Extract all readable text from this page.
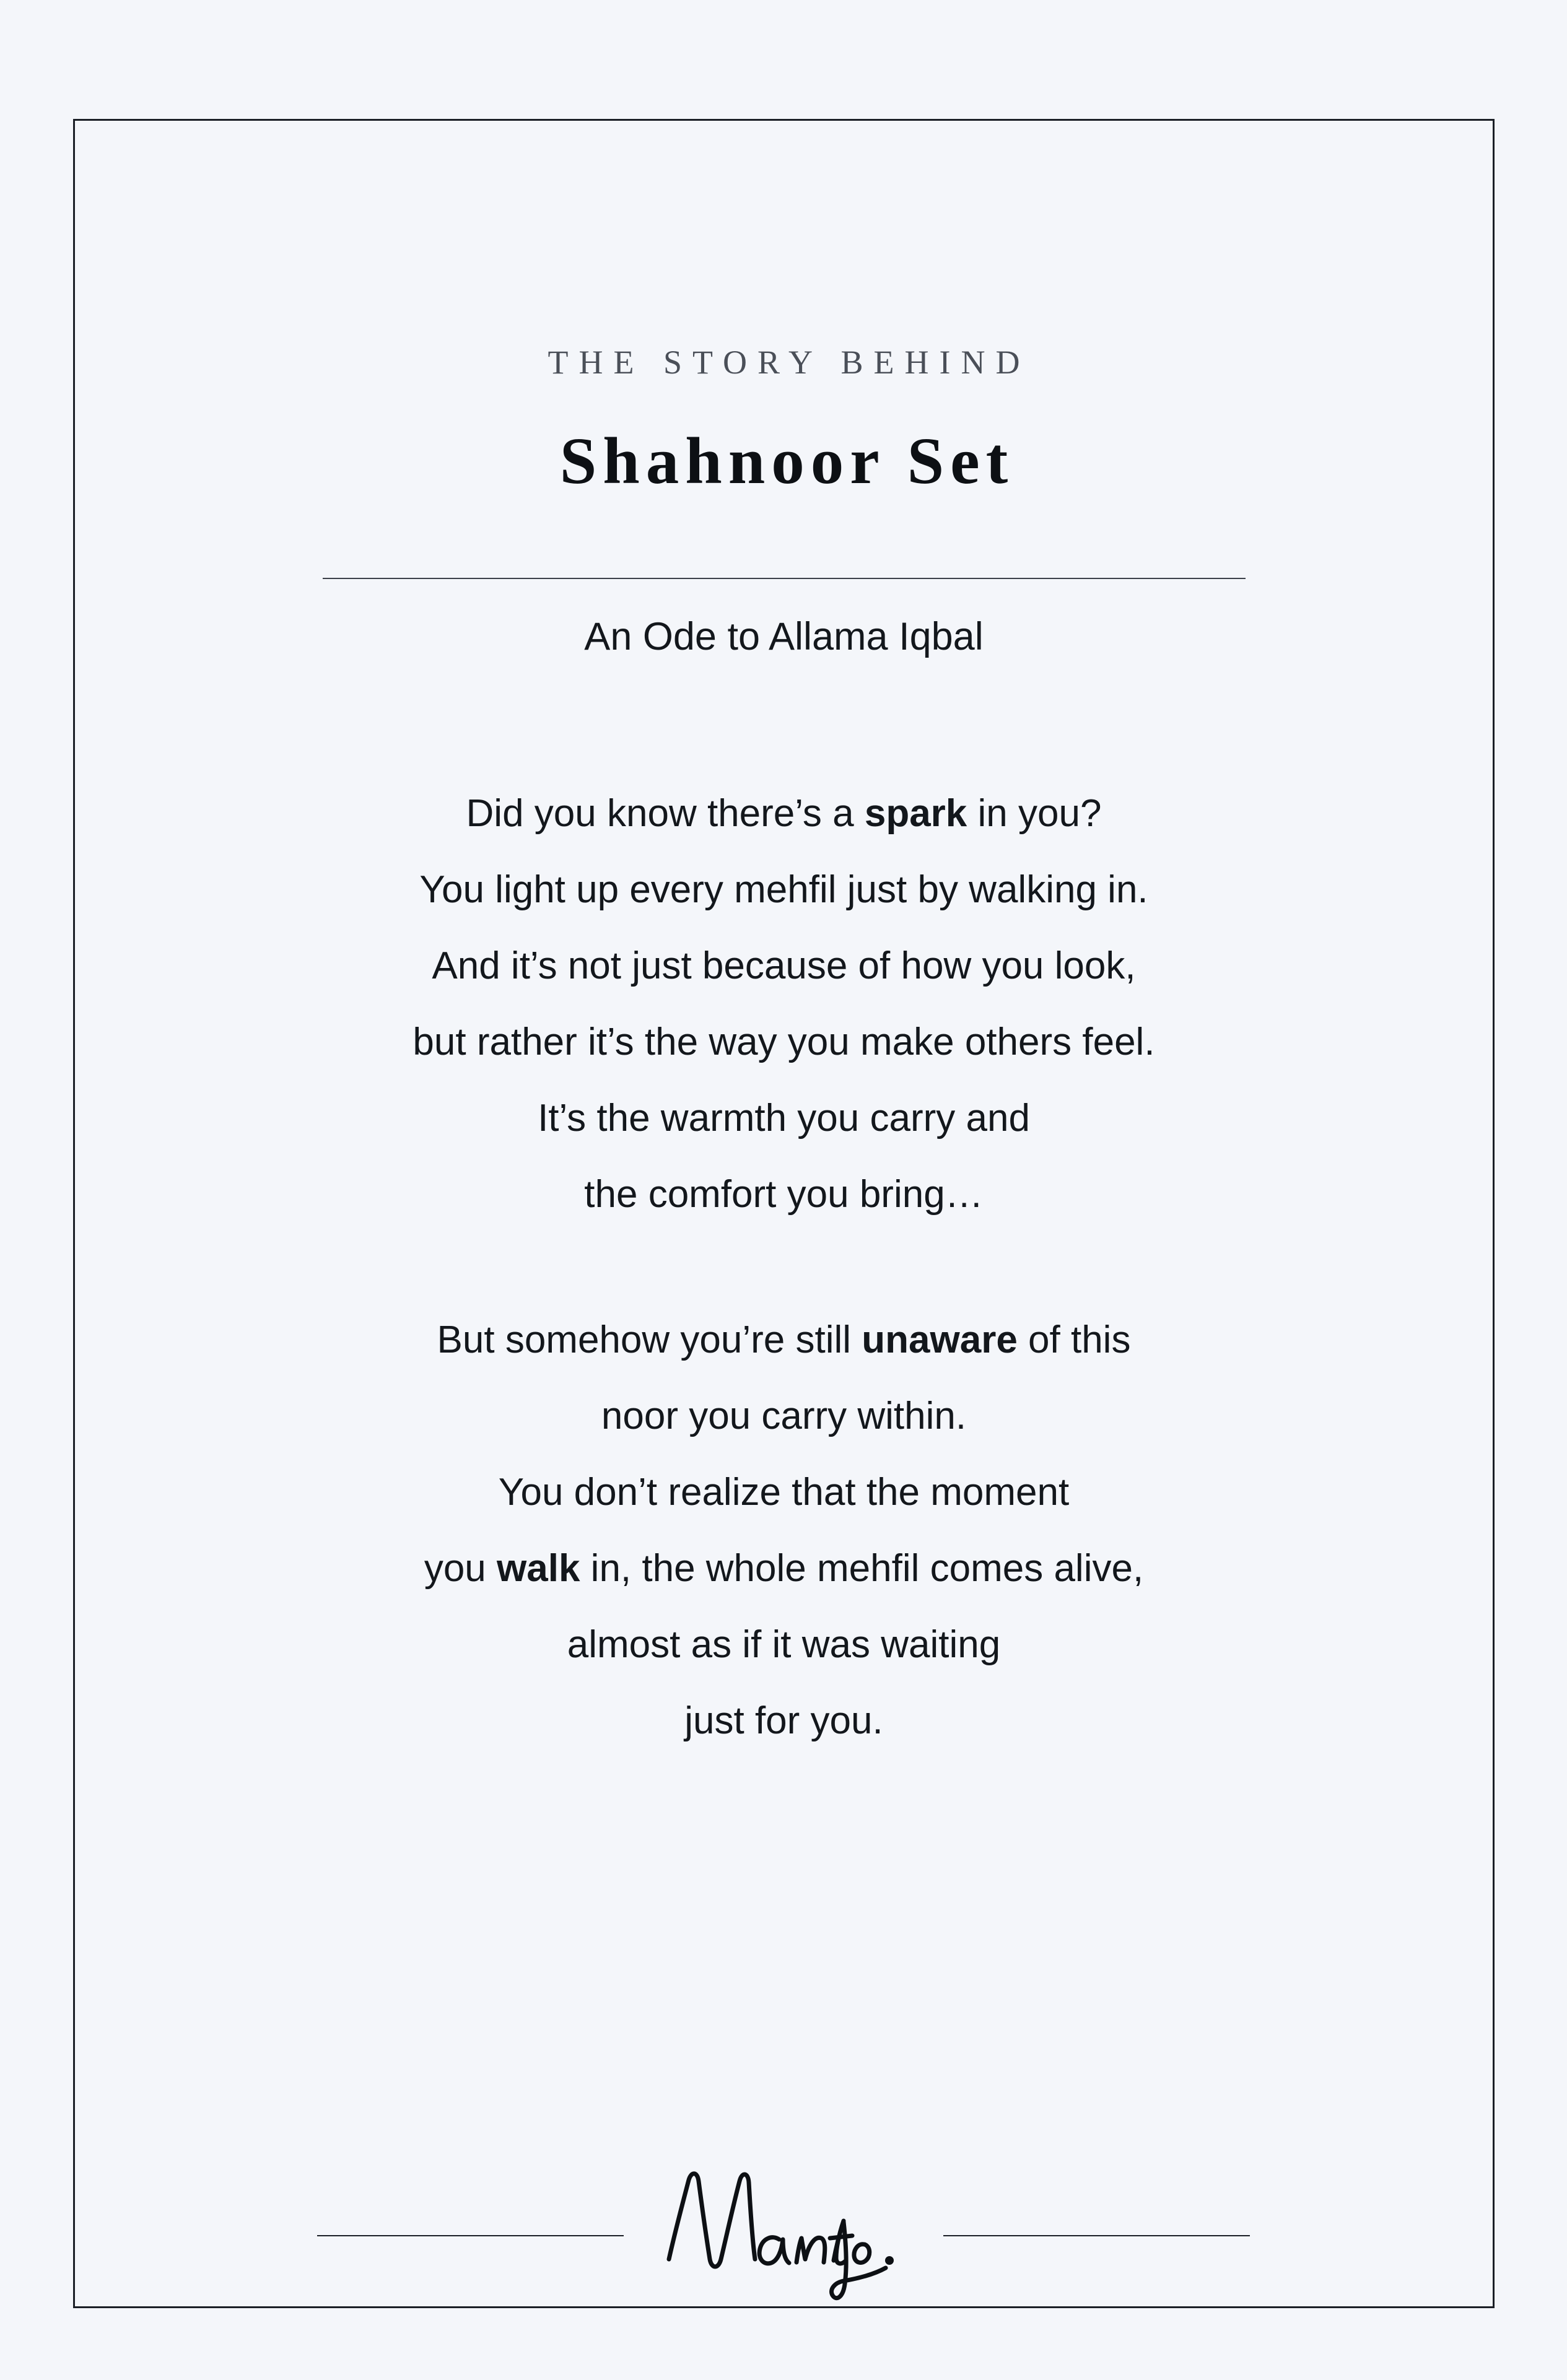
THE STORY BEHIND
Shahnoor Set
An Ode to Allama Iqbal
Did you know there’s a spark in you?
You light up every mehfil just by walking in.
And it’s not just because of how you look,
but rather it’s the way you make others feel.
It’s the warmth you carry and
the comfort you bring…
But somehow you’re still unaware of this
noor you carry within.
You don’t realize that the moment
you walk in, the whole mehfil comes alive,
almost as if it was waiting
just for you.
